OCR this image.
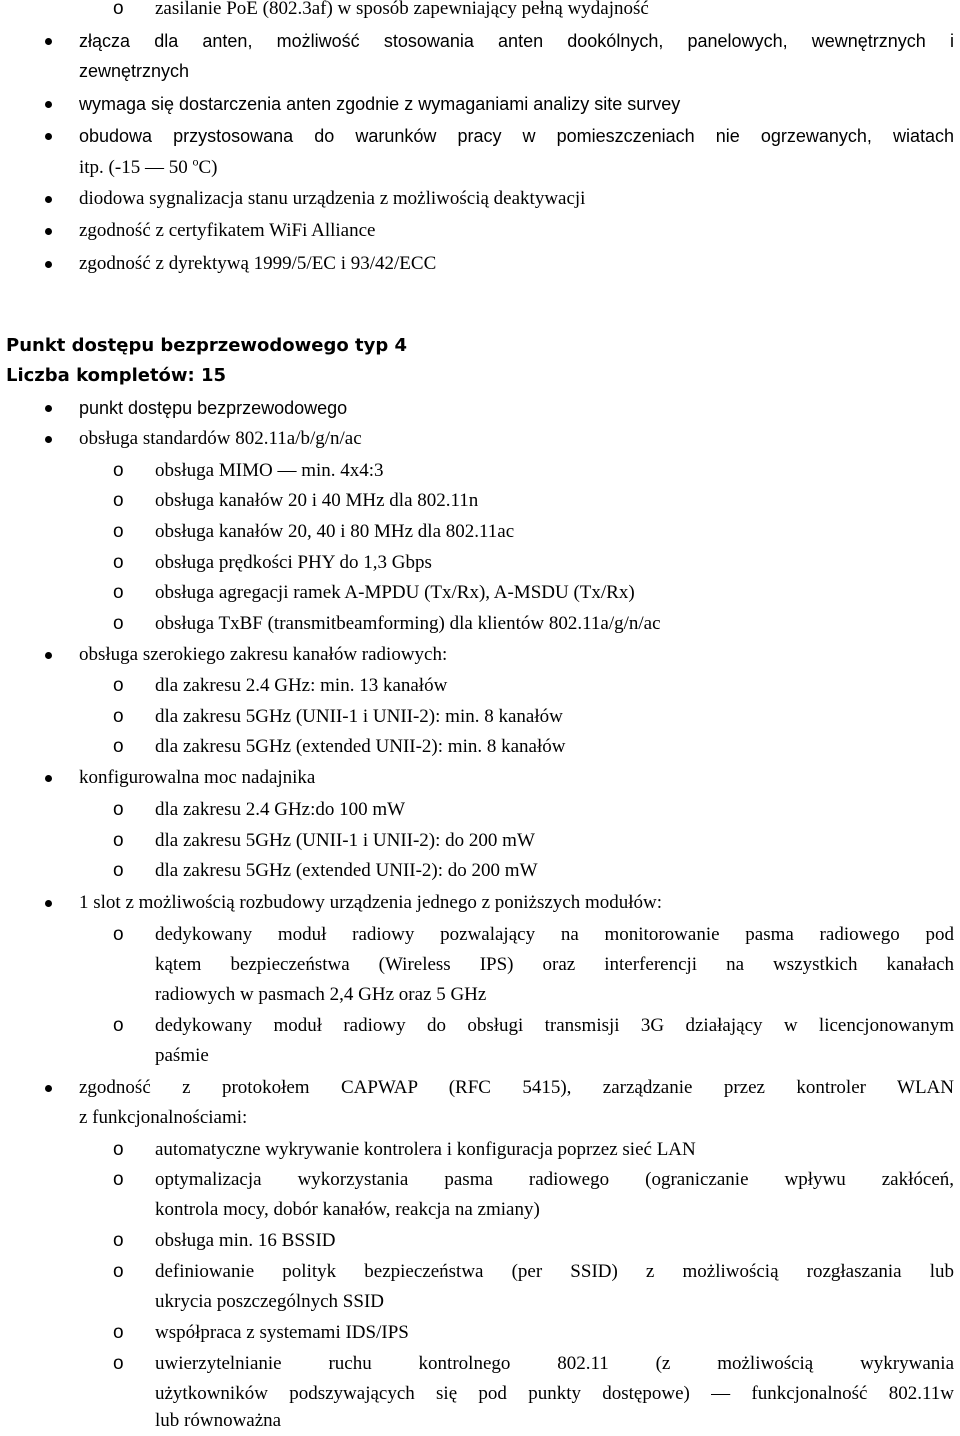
o zasilanie PoE (802.3af) w sposób zapewniający pełną wydajność
złącza dla anten, możliwość stosowania anten dookólnych, panelowych, wewnętrznych i
zewnętrznych
wymaga się dostarczenia anten zgodnie z wymaganiami analizy site survey
obudowa przystosowana do warunków pracy w pomieszczeniach nie ogrzewanych, wiatach
itp. (-15 — 50 $^o$C)
diodowa sygnalizacja stanu urządzenia z możliwością deaktywacji
zgodność z certyfikatem WiFi Alliance
zgodność z dyrektywą 1999/5/EC i 93/42/ECC
Punkt dostępu bezprzewodowego typ 4
Liczba kompletów: 15
punkt dostępu bezprzewodowego
obsługa standardów 802.11a/b/g/n/ac
o obsługa MIMO — min. 4x4:3
o obsługa kanałów 20 i 40 MHz dla 802.11n
o obsługa kanałów 20, 40 i 80 MHz dla 802.11ac
o obsługa prędkości PHY do 1,3 Gbps
o obsługa agregacji ramek A-MPDU (Tx/Rx), A-MSDU (Tx/Rx)
o obsługa TxBF (transmitbeamforming) dla klientów 802.11a/g/n/ac
obsługa szerokiego zakresu kanałów radiowych:
o dla zakresu 2.4 GHz: min. 13 kanałów
o dla zakresu 5GHz (UNII-1 i UNII-2): min. 8 kanałów
o dla zakresu 5GHz (extended UNII-2): min. 8 kanałów
konfigurowalna moc nadajnika
o dla zakresu 2.4 GHz:do 100 mW
o dla zakresu 5GHz (UNII-1 i UNII-2): do 200 mW
o dla zakresu 5GHz (extended UNII-2): do 200 mW
1 slot z możliwością rozbudowy urządzenia jednego z poniższych modułów:
o dedykowany moduł radiowy pozwalający na monitorowanie pasma radiowego pod
kątem bezpieczeństwa (Wireless IPS) oraz interferencji na wszystkich kanałach
radiowych w pasmach 2,4 GHz oraz 5 GHz
o dedykowany moduł radiowy do obsługi transmisji 3G działający w licencjonowanym
paśmie
zgodność z protokołem CAPWAP (RFC 5415), zarządzanie przez kontroler WLAN
z funkcjonalnościami:
o automatyczne wykrywanie kontrolera i konfiguracja poprzez sieć LAN
o optymalizacja wykorzystania pasma radiowego (ograniczanie wpływu zakłóceń,
kontrola mocy, dobór kanałów, reakcja na zmiany)
o obsługa min. 16 BSSID
o definiowanie polityk bezpieczeństwa (per SSID) z możliwością rozgłaszania lub
ukrycia poszczególnych SSID
o współpraca z systemami IDS/IPS
o uwierzytelnianie ruchu kontrolnego 802.11 (z możliwością wykrywania
użytkowników podszywających się pod punkty dostępowe) — funkcjonalność 802.11w
lub równoważna
